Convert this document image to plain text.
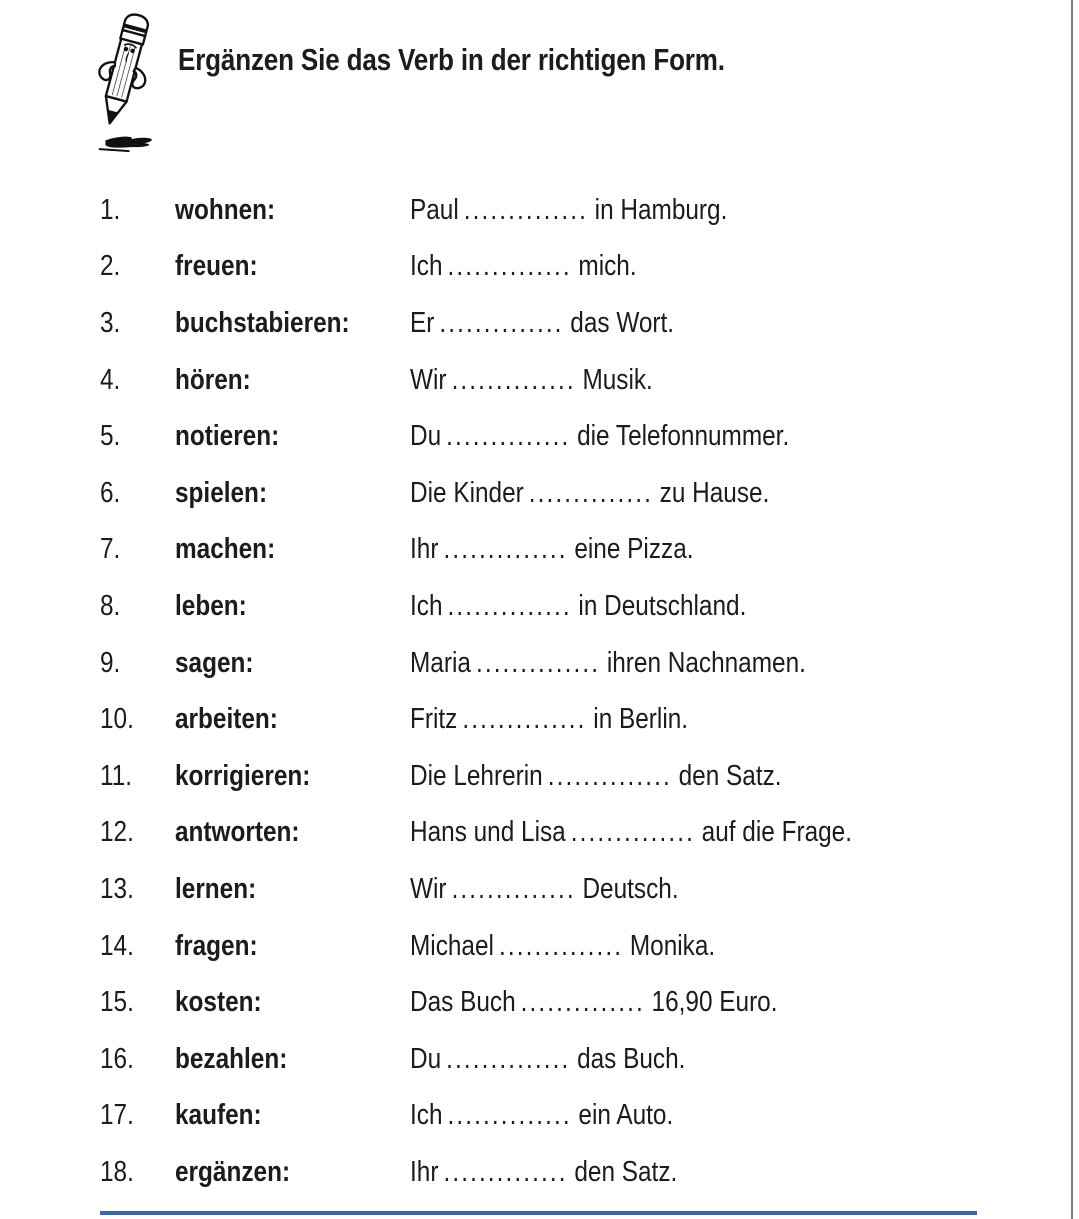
Ergänzen Sie das Verb in der richtigen Form.
1.	wohnen:	Paul .............. in Hamburg.
2.	freuen:	Ich .............. mich.
3.	buchstabieren:	Er .............. das Wort.
4.	hören:	Wir .............. Musik.
5.	notieren:	Du .............. die Telefonnummer.
6.	spielen:	Die Kinder .............. zu Hause.
7.	machen:	Ihr .............. eine Pizza.
8.	leben:	Ich .............. in Deutschland.
9.	sagen:	Maria .............. ihren Nachnamen.
10.	arbeiten:	Fritz .............. in Berlin.
11.	korrigieren:	Die Lehrerin .............. den Satz.
12.	antworten:	Hans und Lisa .............. auf die Frage.
13.	lernen:	Wir .............. Deutsch.
14.	fragen:	Michael .............. Monika.
15.	kosten:	Das Buch .............. 16,90 Euro.
16.	bezahlen:	Du .............. das Buch.
17.	kaufen:	Ich .............. ein Auto.
18.	ergänzen:	Ihr .............. den Satz.
